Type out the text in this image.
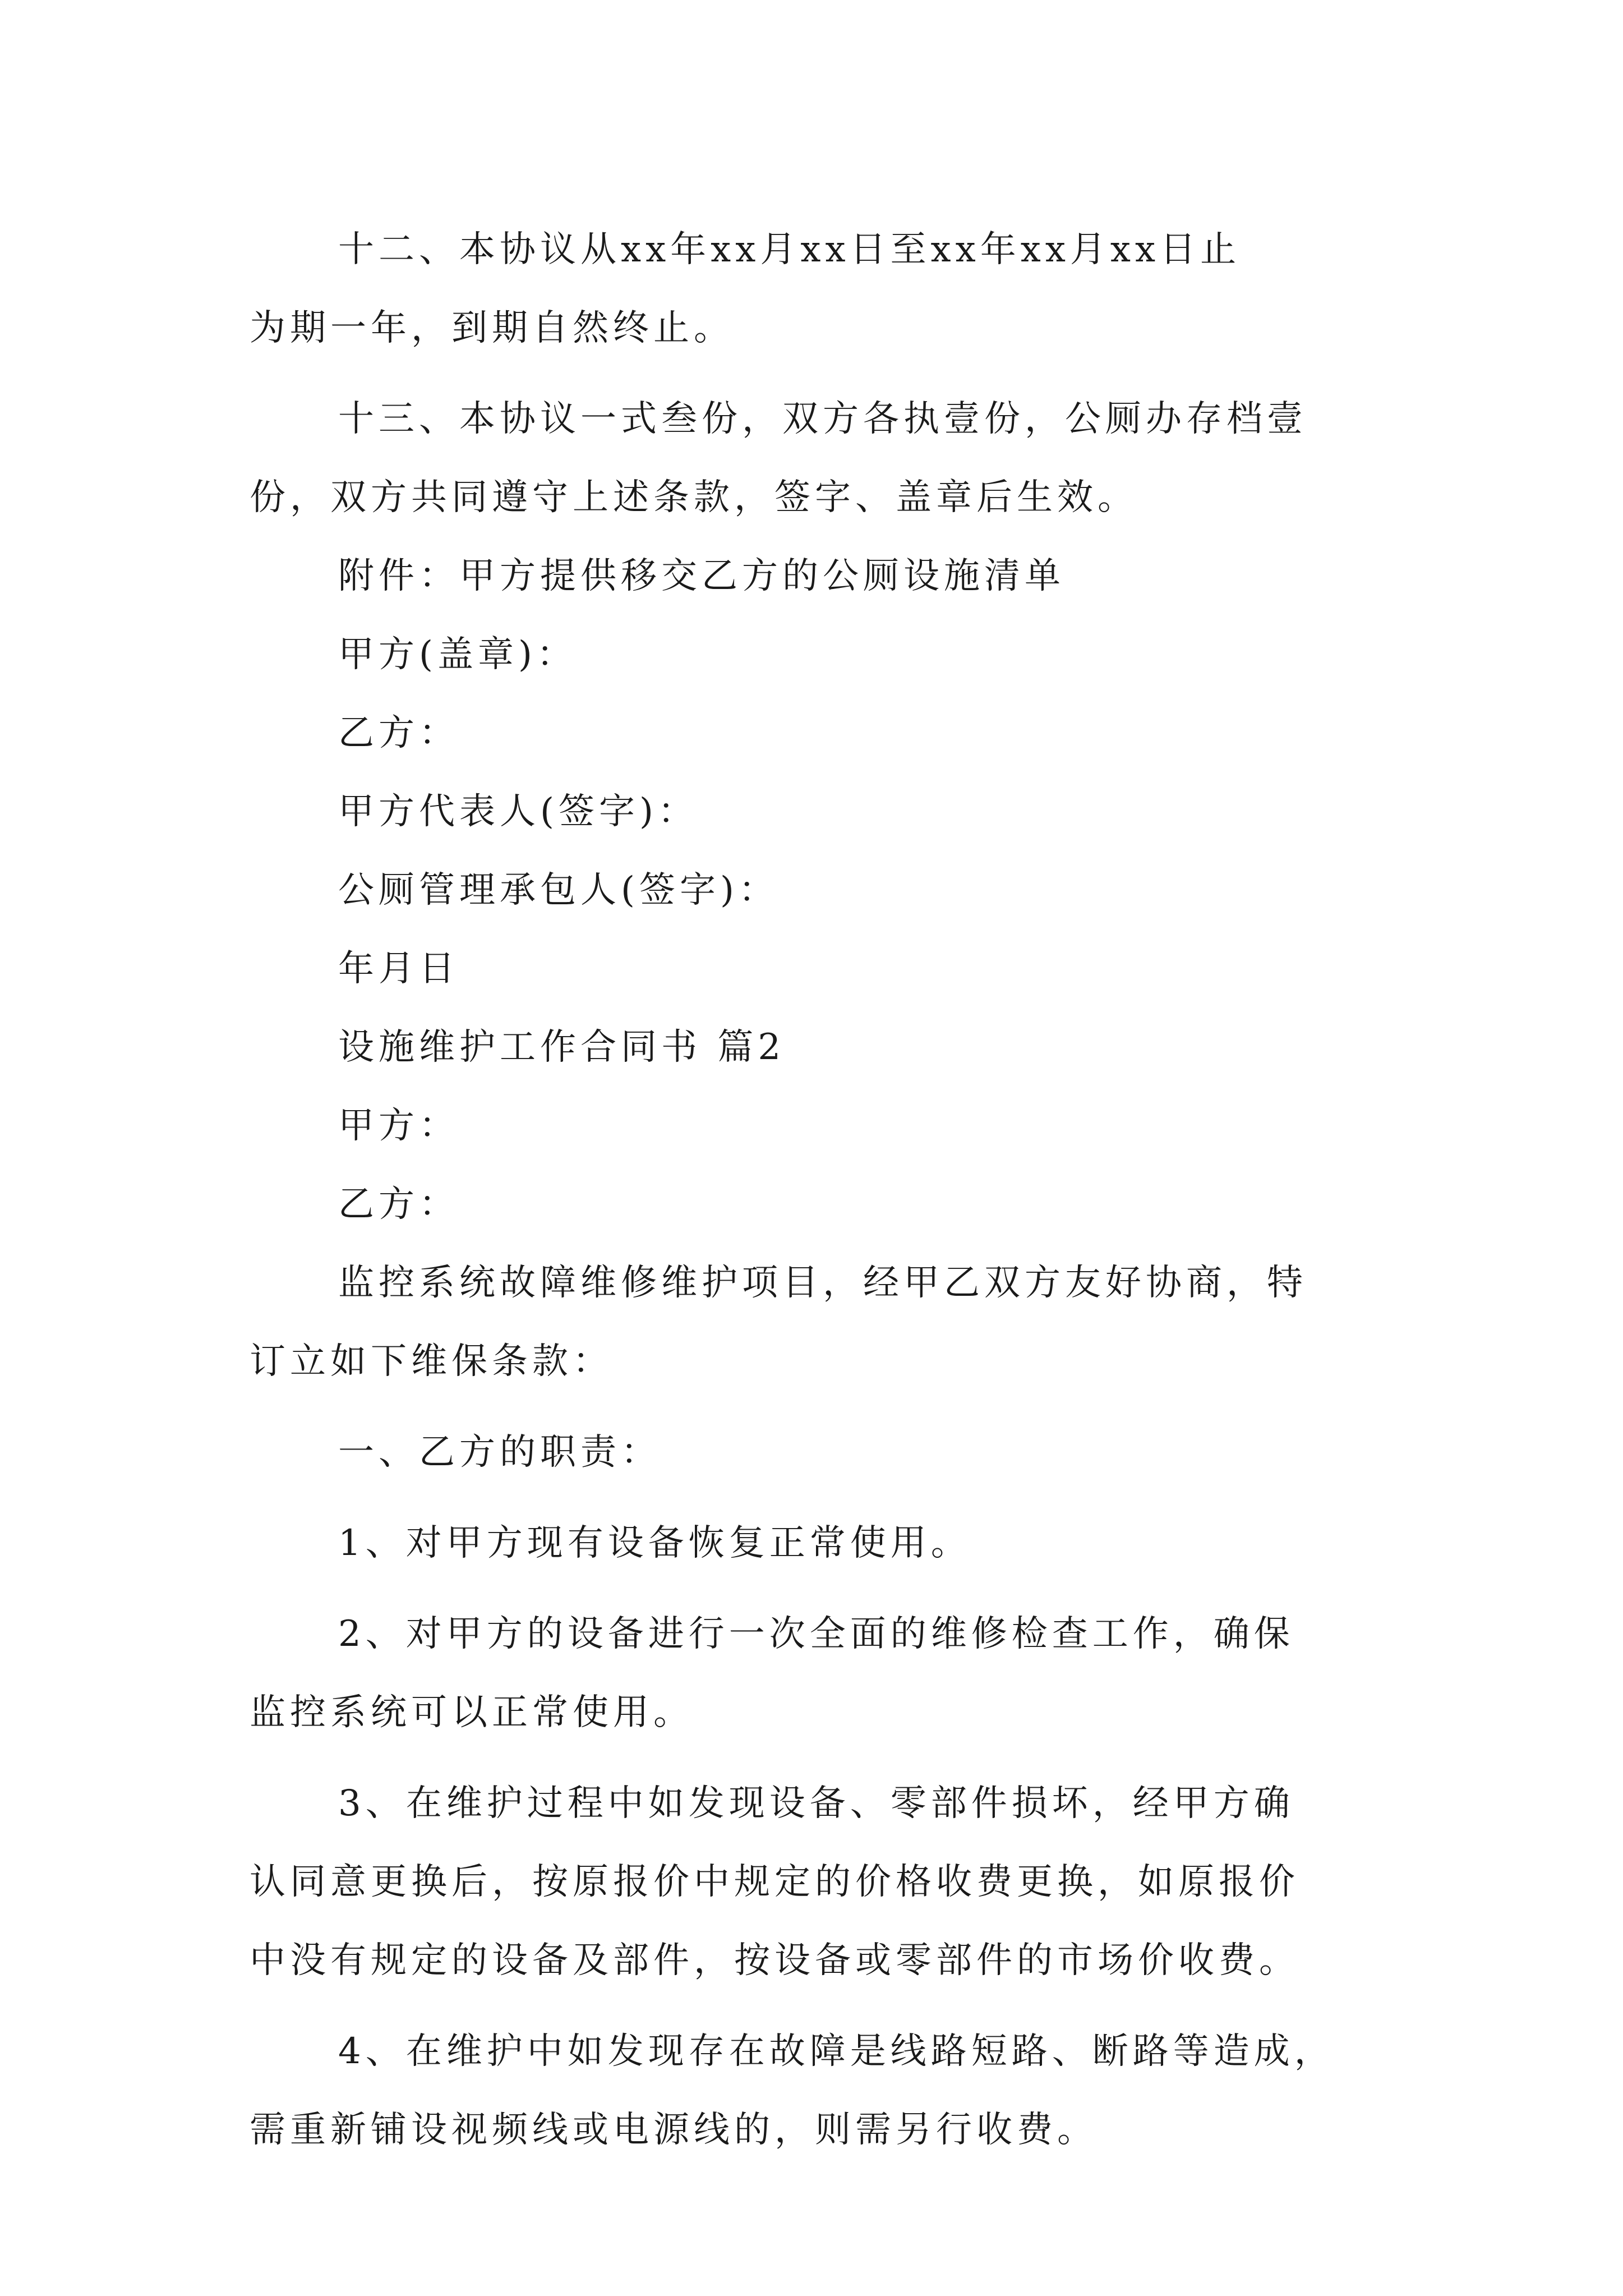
十二、本协议从xx年xx月xx日至xx年xx月xx日止
为期一年，到期自然终止。
十三、本协议一式叁份，双方各执壹份，公厕办存档壹
份，双方共同遵守上述条款，签字、盖章后生效。
附件：甲方提供移交乙方的公厕设施清单
甲方(盖章)：
乙方：
甲方代表人(签字)：
公厕管理承包人(签字)：
年月日
设施维护工作合同书 篇2
甲方：
乙方：
监控系统故障维修维护项目，经甲乙双方友好协商，特
订立如下维保条款：
一、乙方的职责：
1、对甲方现有设备恢复正常使用。
2、对甲方的设备进行一次全面的维修检查工作，确保
监控系统可以正常使用。
3、在维护过程中如发现设备、零部件损坏，经甲方确
认同意更换后，按原报价中规定的价格收费更换，如原报价
中没有规定的设备及部件，按设备或零部件的市场价收费。
4、在维护中如发现存在故障是线路短路、断路等造成，
需重新铺设视频线或电源线的，则需另行收费。
